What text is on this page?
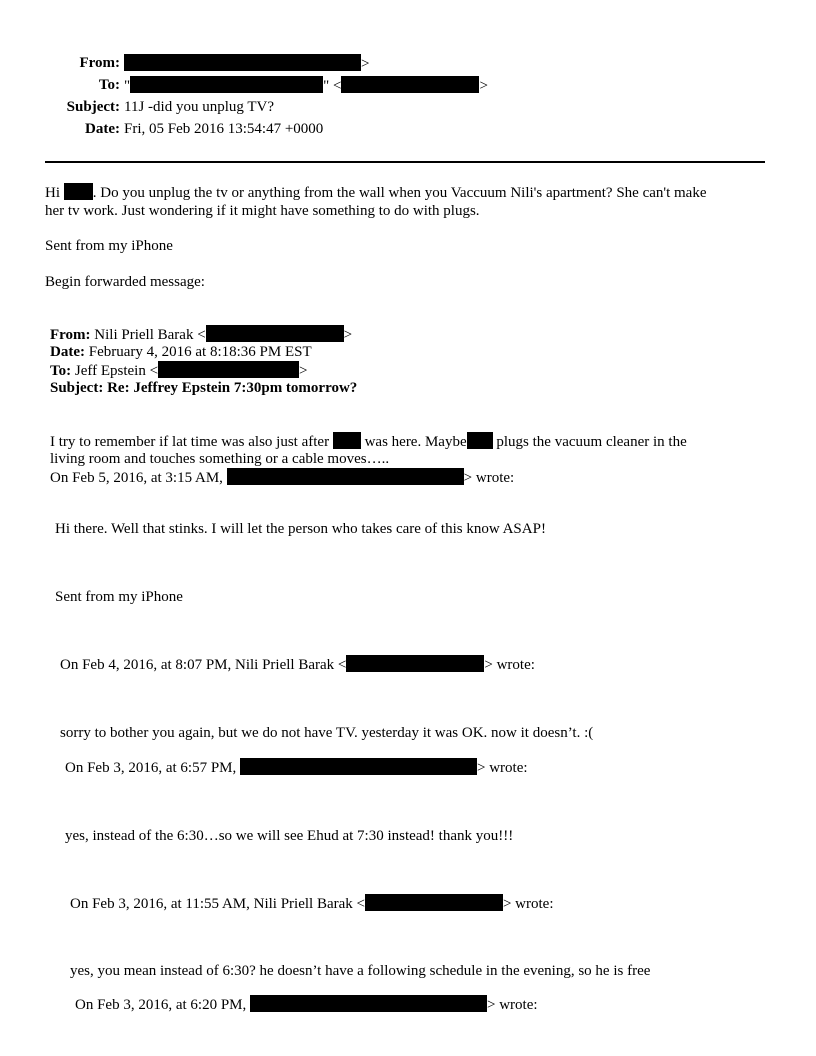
From:	>
To: "	" <	>
Subject: 11J -did you unplug TV?
Date: Fri, 05 Feb 2016 13:54:47 +0000
Hi . Do you unplug the tv or anything from the wall when you Vaccuum Nili's apartment? She can't make
her tv work. Just wondering if it might have something to do with plugs.
Sent from my iPhone
Begin forwarded message:
From: Nili Priell Barak <	>
Date: February 4, 2016 at 8:18:36 PM EST
To: Jeff Epstein <	>
Subject: Re: Jeffrey Epstein 7:30pm tomorrow?
I try to remember if lat time was also just after was here. Maybe plugs the vacuum cleaner in the
living room and touches something or a cable moves…..
On Feb 5, 2016, at 3:15 AM,	> wrote:
Hi there. Well that stinks. I will let the person who takes care of this know ASAP!
Sent from my iPhone
On Feb 4, 2016, at 8:07 PM, Nili Priell Barak <	> wrote:
sorry to bother you again, but we do not have TV. yesterday it was OK. now it doesn’t. :(
On Feb 3, 2016, at 6:57 PM,	> wrote:
yes, instead of the 6:30…so we will see Ehud at 7:30 instead! thank you!!!
On Feb 3, 2016, at 11:55 AM, Nili Priell Barak <	> wrote:
yes, you mean instead of 6:30? he doesn’t have a following schedule in the evening, so he is free
On Feb 3, 2016, at 6:20 PM,	> wrote:
